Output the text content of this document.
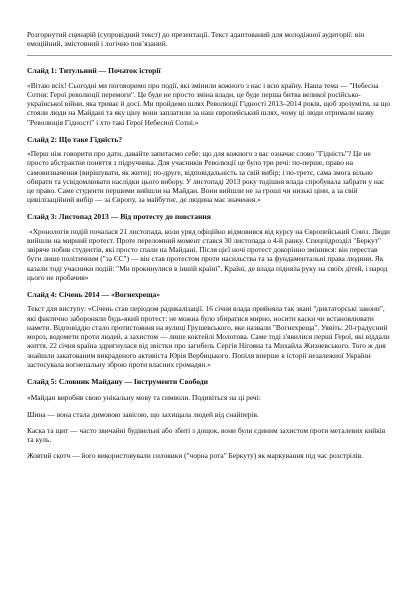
Розгорнутий сценарій (супровідний текст) до презентації. Текст адаптований для молодіжної аудиторії: він емоційний, змістовний і логічно пов’язаний.

Слайд 1: Титульний — Початок історії

«Вітаю всіх! Сьогодні ми поговоримо про події, які змінили кожного з нас і всю країну. Наша тема — "Небесна Сотня: Герої революції перемоги". Це буде не просто зміна влади, це буде перша битва великої російсько-української війни, яка триває й досі. Ми пройдемо шлях Революції Гідності 2013–2014 років, щоб зрозуміти, за що стояли люди на Майдані та яку ціну вони заплатили за наш європейський шлях, чому ці люди отримали назву "Революція Гідності" і хто такі Герої Небесної Сотні.»

Слайд 2: Що таке Гідність?

«Перш ніж говорити про дати, давайте запитаємо себе: що для кожного з вас означає слово "Гідність"? Це не просто абстрактне поняття з підручника. Для учасників Революції це було три речі: по-перше, право на самовизначення (вирішувати, як жити); по-друге, відповідальність за свій вибір; і по-третє, сама змога вільно обирати та усвідомлювати наслідки цього вибору. У листопаді 2013 року тодішня влада спробувала забрати у нас це право. Саме студенти першими вийшли на Майдан. Вони вийшли не за гроші чи низькі ціни, а за свій цивілізаційний вибір — за Європу, за майбутнє, де людина має значення.»

Слайд 3: Листопад 2013 — Від протесту до повстання

«Хронологія подій почалася 21 листопада, коли уряд офіційно відмовився від курсу на Європейський Союз. Люди вийшли на мирний протест. Проте переломний момент стався 30 листопада о 4-й ранку. Спецпідрозділ "Беркут" звіряче побив студентів, які просто спали на Майдані. Після цієї ночі протест докорінно змінився: він перестав бути лише політичним ("за ЄС") — він став протестом проти насильства та за фундаментальні права людини. Як казали тоді учасники подій: "Ми прокинулися в іншій країні". Країні, де влада підняла руку на своїх дітей, і народ цього не пробачив»

Слайд 4: Січень 2014 — «Вогнехреща»

Текст для виступу: «Січень став періодом радикалізації. 16 січня влада прийняла так звані "диктаторські закони", які фактично забороняли будь-який протест: не можна було збиратися мирно, носити каски чи встановлювати намети. Відповіддю стало протистояння на вулиці Грушевського, яке назвали "Вогнехреща". Уявіть: 20-градусний мороз, водомети проти людей, а захистом — лише коктейлі Молотова. Саме тоді з'явилися перші Герої, які віддали життя. 22 січня країна здригнулася від звістки про загибель Сергія Нігояна та Михайла Жизневського. Того ж дня знайшли закатованим викраденого активіста Юрія Вербицького. Попіля вперше в історії незалежної України застосувала вогнепальну зброю проти власних громадян.»

Слайд 5: Словник Майдану — Інструменти Свободи

«Майдан виробив свою унікальну мову та символи. Подивіться на ці речі:

Шина — вона стала димовою завісою, що захищала людей від снайперів.

Каска та щит — часто звичайні будівельні або збиті з дощок, вони були єдиним захистом проти металевих кийків та куль.

Жовтий скотч — його використовували силовики ("чорна рота" Беркуту) як маркування під час розстрілів.
